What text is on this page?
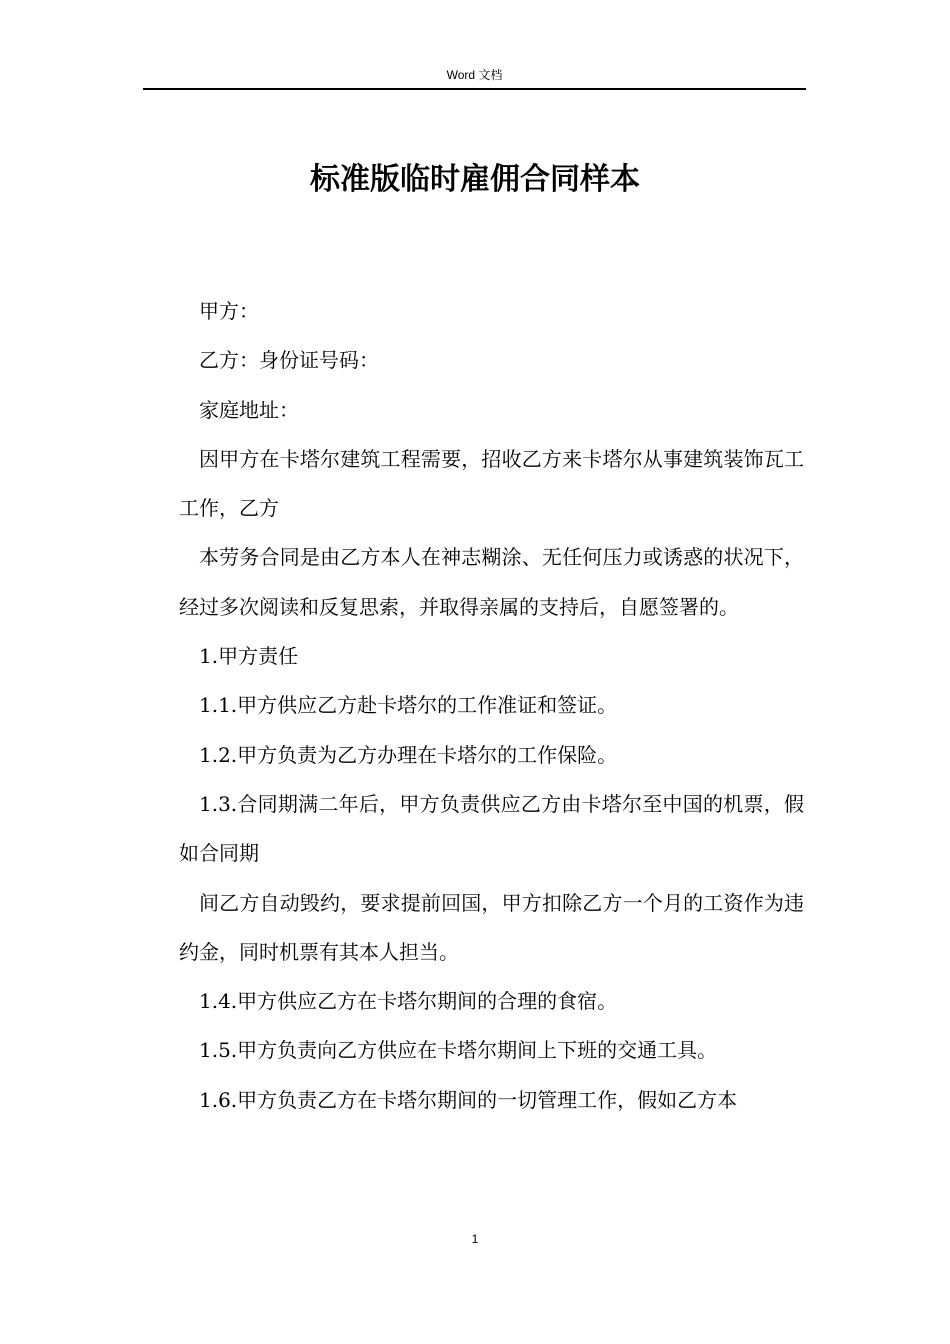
Word 文档
标准版临时雇佣合同样本

甲方：

乙方：身份证号码：

家庭地址：

因甲方在卡塔尔建筑工程需要，招收乙方来卡塔尔从事建筑装饰瓦工工作，乙方

本劳务合同是由乙方本人在神志糊涂、无任何压力或诱惑的状况下，经过多次阅读和反复思索，并取得亲属的支持后，自愿签署的。

1.甲方责任

1.1.甲方供应乙方赴卡塔尔的工作准证和签证。

1.2.甲方负责为乙方办理在卡塔尔的工作保险。

1.3.合同期满二年后，甲方负责供应乙方由卡塔尔至中国的机票，假如合同期

间乙方自动毁约，要求提前回国，甲方扣除乙方一个月的工资作为违约金，同时机票有其本人担当。

1.4.甲方供应乙方在卡塔尔期间的合理的食宿。

1.5.甲方负责向乙方供应在卡塔尔期间上下班的交通工具。

1.6.甲方负责乙方在卡塔尔期间的一切管理工作，假如乙方本

1
